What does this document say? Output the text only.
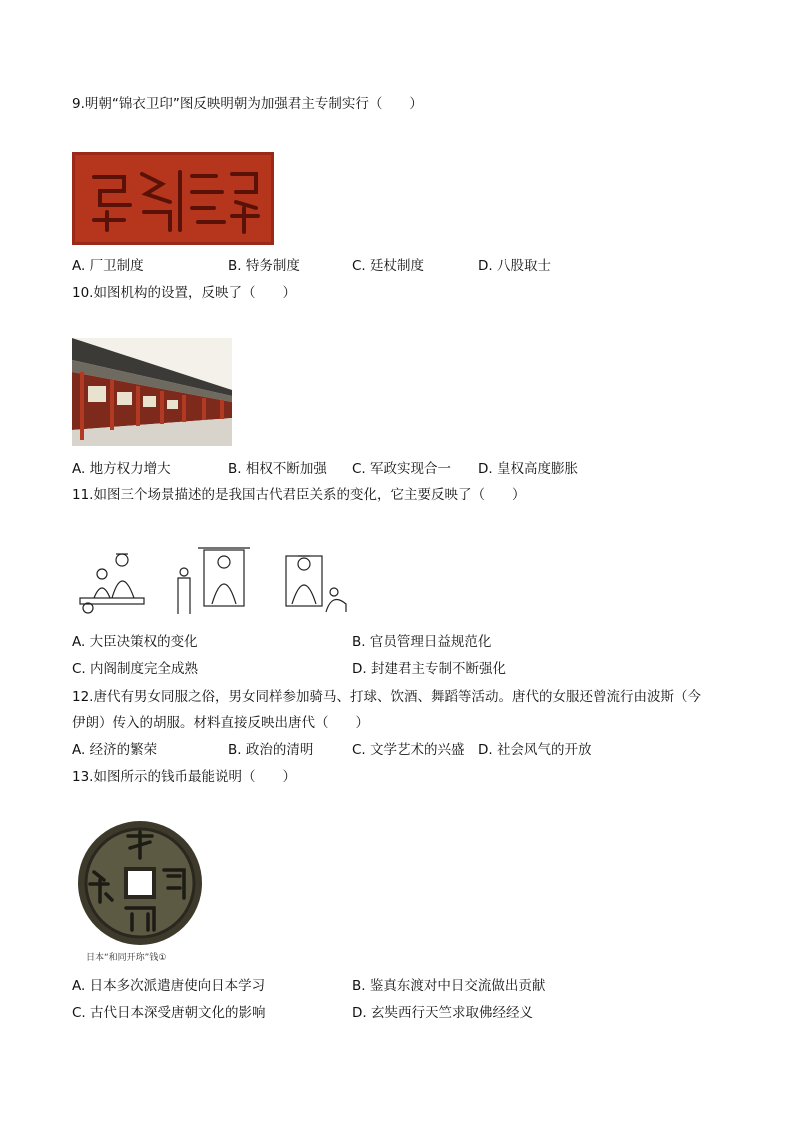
9.明朝“锦衣卫印”图反映明朝为加强君主专制实行（　　）
A. 厂卫制度	B. 特务制度	C. 廷杖制度	D. 八股取士
10.如图机构的设置，反映了（　　）
A. 地方权力增大	B. 相权不断加强 C. 军政实现合一 D. 皇权高度膨胀
11.如图三个场景描述的是我国古代君臣关系的变化，它主要反映了（　　）
A. 大臣决策权的变化	B. 官员管理日益规范化
C. 内阁制度完全成熟	D. 封建君主专制不断强化
12.唐代有男女同服之俗，男女同样参加骑马、打球、饮酒、舞蹈等活动。唐代的女服还曾流行由波斯（今
伊朗）传入的胡服。材料直接反映出唐代（　　）
A. 经济的繁荣	B. 政治的清明	C. 文学艺术的兴盛 D. 社会风气的开放
13.如图所示的钱币最能说明（　　）
日本“和同开珎”钱①
A. 日本多次派遣唐使向日本学习	B. 鉴真东渡对中日交流做出贡献
C. 古代日本深受唐朝文化的影响	D. 玄奘西行天竺求取佛经经义
